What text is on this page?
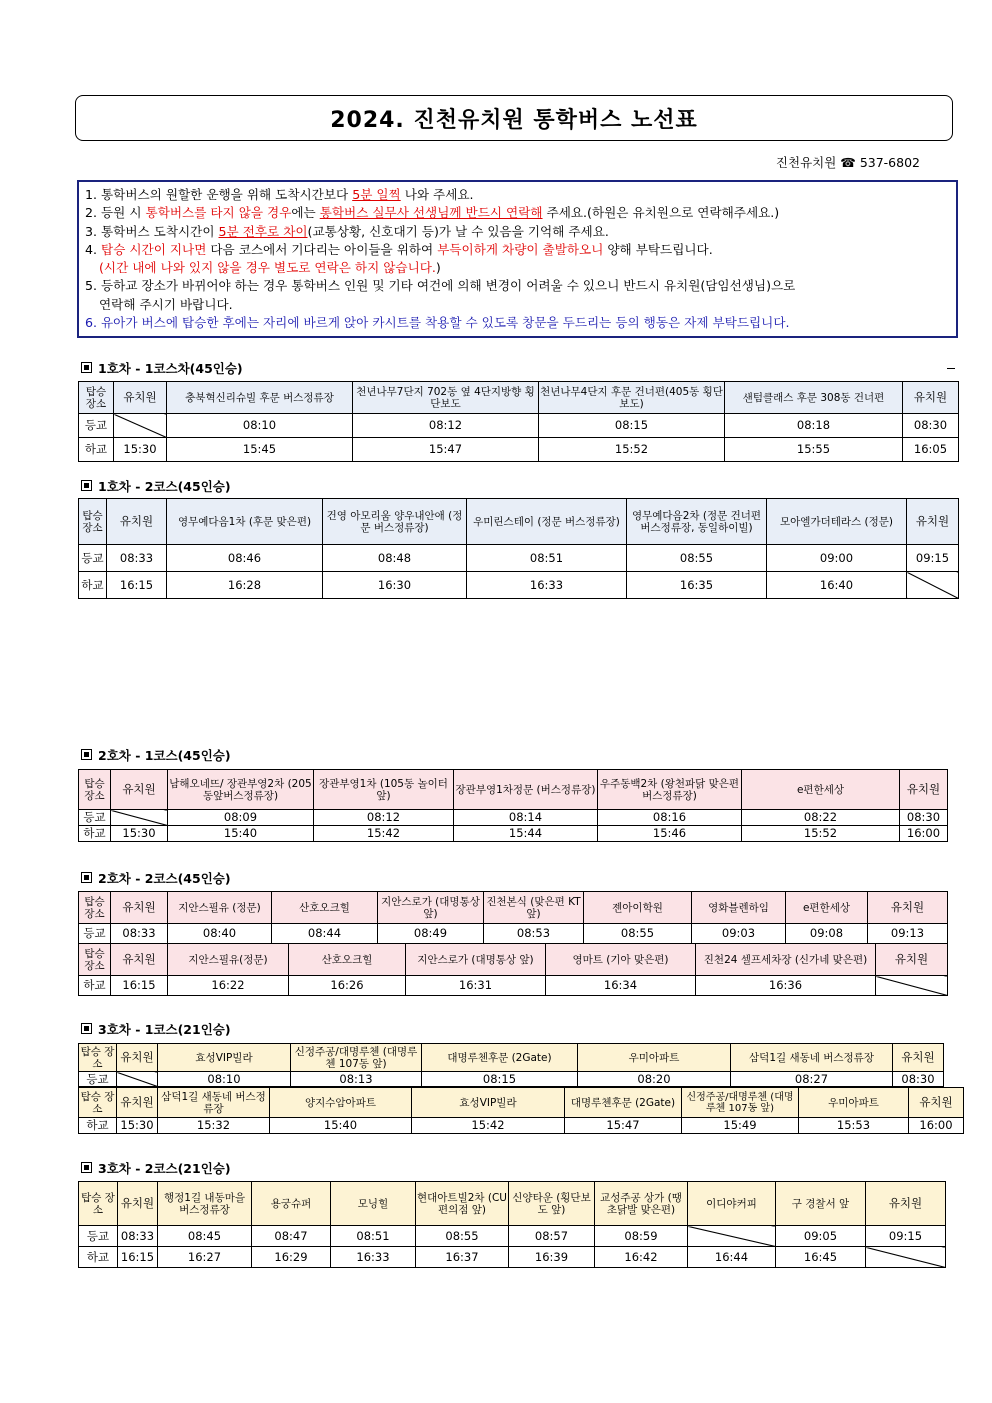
2024. 진천유치원 통학버스 노선표
진천유치원 ☎ 537-6802
1. 통학버스의 원할한 운행을 위해 도착시간보다 5분 일찍 나와 주세요.
2. 등원 시 통학버스를 타지 않을 경우에는 통학버스 실무사 선생님께 반드시 연락해 주세요.(하원은 유치원으로 연락해주세요.)
3. 통학버스 도착시간이 5분 전후로 차이(교통상황, 신호대기 등)가 날 수 있음을 기억해 주세요.
4. 탑승 시간이 지나면 다음 코스에서 기다리는 아이들을 위하여 부득이하게 차량이 출발하오니 양해 부탁드립니다.
(시간 내에 나와 있지 않을 경우 별도로 연락은 하지 않습니다.)
5. 등하교 장소가 바뀌어야 하는 경우 통학버스 인원 및 기타 여건에 의해 변경이 어려울 수 있으니 반드시 유치원(담임선생님)으로
연락해 주시기 바랍니다.
6. 유아가 버스에 탑승한 후에는 자리에 바르게 앉아 카시트를 착용할 수 있도록 창문을 두드리는 등의 행동은 자제 부탁드립니다.
1호차 - 1코스차(45인승)
탑승 장소	유치원	충북혁신리슈빌 후문 버스정류장	천년나무7단지 702동 옆 4단지방향 횡단보도	천년나무4단지 후문 건너편(405동 횡단보도)	샌텀클래스 후문 308동 건너편	유치원
등교		08:10	08:12	08:15	08:18	08:30
하교	15:30	15:45	15:47	15:52	15:55	16:05
1호차 - 2코스(45인승)
탑승 장소	유치원	영무예다음1차 (후문 맞은편)	건영 아모리움 양우내안애 (정문 버스정류장)	우미린스테이 (정문 버스정류장)	영무예다음2차 (정문 건너편 버스정류장, 동일하이빌)	모아엘가더테라스 (정문)	유치원
등교	08:33	08:46	08:48	08:51	08:55	09:00	09:15
하교	16:15	16:28	16:30	16:33	16:35	16:40	
2호차 - 1코스(45인승)
탑승 장소	유치원	남해오네뜨/ 장관부영2차 (205동앞버스정류장)	장관부영1차 (105동 놀이터 앞)	장관부영1차정문 (버스정류장)	우주동백2차 (왕천파닭 맞은편 버스정류장)	e편한세상	유치원
등교		08:09	08:12	08:14	08:16	08:22	08:30
하교	15:30	15:40	15:42	15:44	15:46	15:52	16:00
2호차 - 2코스(45인승)
탑승 장소	유치원	지안스필유 (정문)	산호오크힐	지안스로가 (대명통상 앞)	진천본식 (맞은편 KT앞)	젠아이학원	영화블렌하임	e편한세상	유치원
등교	08:33	08:40	08:44	08:49	08:53	08:55	09:03	09:08	09:13
탑승 장소	유치원	지안스필유(정문)	산호오크힐	지안스로가 (대명통상 앞)	영마트 (기아 맞은편)	진천24 셀프세차장 (신가네 맞은편)	유치원
하교	16:15	16:22	16:26	16:31	16:34	16:36	
3호차 - 1코스(21인승)
탑승 장소	유치원	효성VIP빌라	신정주공/대명루첸 (대명루첸 107동 앞)	대명루첸후문 (2Gate)	우미아파트	삼덕1길 새동네 버스정류장	유치원
등교		08:10	08:13	08:15	08:20	08:27	08:30
탑승 장소	유치원	삼덕1길 새동네 버스정류장	양지수암아파트	효성VIP빌라	대명루첸후문 (2Gate)	신정주공/대명루첸 (대명루첸 107동 앞)	우미아파트	유치원
하교	15:30	15:32	15:40	15:42	15:47	15:49	15:53	16:00
3호차 - 2코스(21인승)
탑승 장소	유치원	행정1길 내동마을 버스정류장	용궁슈퍼	모닝힐	현대아트빌2차 (CU 편의점 앞)	신양타운 (횡단보도 앞)	교성주공 상가 (땡초닭발 맞은편)	이디야커피	구 경찰서 앞	유치원
등교	08:33	08:45	08:47	08:51	08:55	08:57	08:59		09:05	09:15
하교	16:15	16:27	16:29	16:33	16:37	16:39	16:42	16:44	16:45	
